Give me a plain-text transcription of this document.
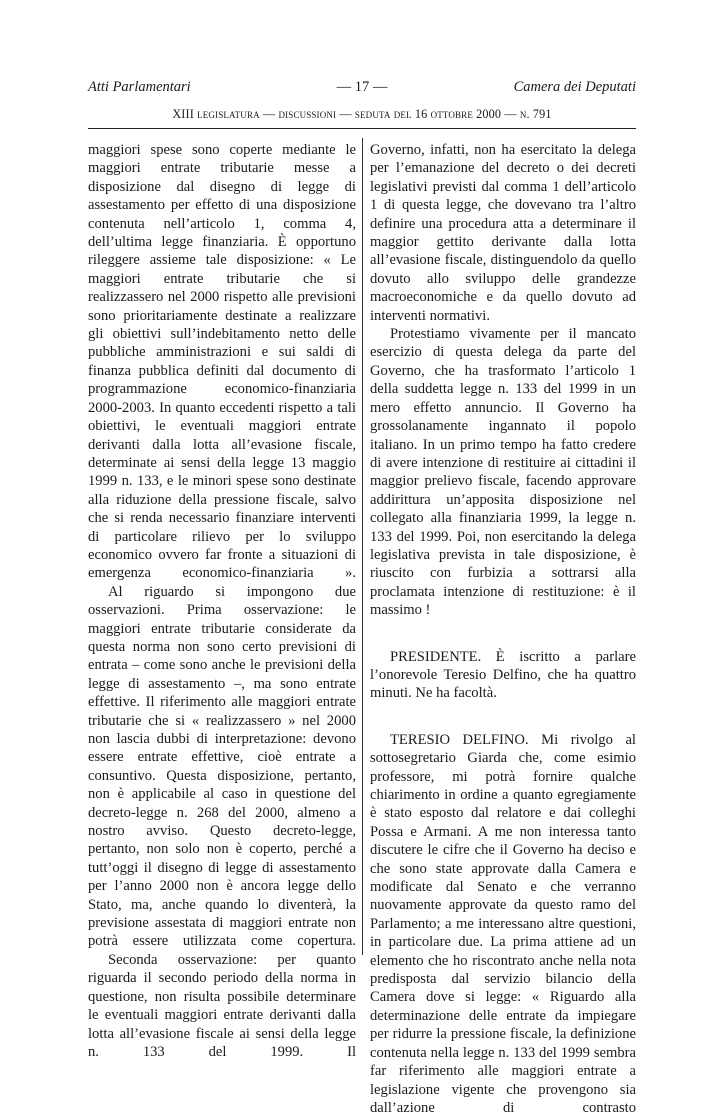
Atti Parlamentari	— 17 —	Camera dei Deputati
XIII legislatura — discussioni — seduta del 16 ottobre 2000 — n. 791

maggiori spese sono coperte mediante le maggiori entrate tributarie messe a disposizione dal disegno di legge di assestamento per effetto di una disposizione contenuta nell’articolo 1, comma 4, dell’ultima legge finanziaria. È opportuno rileggere assieme tale disposizione: « Le maggiori entrate tributarie che si realizzassero nel 2000 rispetto alle previsioni sono prioritariamente destinate a realizzare gli obiettivi sull’indebitamento netto delle pubbliche amministrazioni e sui saldi di finanza pubblica definiti dal documento di programmazione economico-finanziaria 2000-2003. In quanto eccedenti rispetto a tali obiettivi, le eventuali maggiori entrate derivanti dalla lotta all’evasione fiscale, determinate ai sensi della legge 13 maggio 1999 n. 133, e le minori spese sono destinate alla riduzione della pressione fiscale, salvo che si renda necessario finanziare interventi di particolare rilievo per lo sviluppo economico ovvero far fronte a situazioni di emergenza economico-finanziaria ».

Al riguardo si impongono due osservazioni. Prima osservazione: le maggiori entrate tributarie considerate da questa norma non sono certo previsioni di entrata – come sono anche le previsioni della legge di assestamento –, ma sono entrate effettive. Il riferimento alle maggiori entrate tributarie che si « realizzassero » nel 2000 non lascia dubbi di interpretazione: devono essere entrate effettive, cioè entrate a consuntivo. Questa disposizione, pertanto, non è applicabile al caso in questione del decreto-legge n. 268 del 2000, almeno a nostro avviso. Questo decreto-legge, pertanto, non solo non è coperto, perché a tutt’oggi il disegno di legge di assestamento per l’anno 2000 non è ancora legge dello Stato, ma, anche quando lo diventerà, la previsione assestata di maggiori entrate non potrà essere utilizzata come copertura.

Seconda osservazione: per quanto riguarda il secondo periodo della norma in questione, non risulta possibile determinare le eventuali maggiori entrate derivanti dalla lotta all’evasione fiscale ai sensi della legge n. 133 del 1999. Il

Governo, infatti, non ha esercitato la delega per l’emanazione del decreto o dei decreti legislativi previsti dal comma 1 dell’articolo 1 di questa legge, che dovevano tra l’altro definire una procedura atta a determinare il maggior gettito derivante dalla lotta all’evasione fiscale, distinguendolo da quello dovuto allo sviluppo delle grandezze macroeconomiche e da quello dovuto ad interventi normativi.

Protestiamo vivamente per il mancato esercizio di questa delega da parte del Governo, che ha trasformato l’articolo 1 della suddetta legge n. 133 del 1999 in un mero effetto annuncio. Il Governo ha grossolanamente ingannato il popolo italiano. In un primo tempo ha fatto credere di avere intenzione di restituire ai cittadini il maggior prelievo fiscale, facendo approvare addirittura un’apposita disposizione nel collegato alla finanziaria 1999, la legge n. 133 del 1999. Poi, non esercitando la delega legislativa prevista in tale disposizione, è riuscito con furbizia a sottrarsi alla proclamata intenzione di restituzione: è il massimo !

PRESIDENTE. È iscritto a parlare l’onorevole Teresio Delfino, che ha quattro minuti. Ne ha facoltà.

TERESIO DELFINO. Mi rivolgo al sottosegretario Giarda che, come esimio professore, mi potrà fornire qualche chiarimento in ordine a quanto egregiamente è stato esposto dal relatore e dai colleghi Possa e Armani. A me non interessa tanto discutere le cifre che il Governo ha deciso e che sono state approvate dalla Camera e modificate dal Senato e che verranno nuovamente approvate da questo ramo del Parlamento; a me interessano altre questioni, in particolare due. La prima attiene ad un elemento che ho riscontrato anche nella nota predisposta dal servizio bilancio della Camera dove si legge: « Riguardo alla determinazione delle entrate da impiegare per ridurre la pressione fiscale, la definizione contenuta nella legge n. 133 del 1999 sembra far riferimento alle maggiori entrate a legislazione vigente che provengono sia dall’azione di contrasto
